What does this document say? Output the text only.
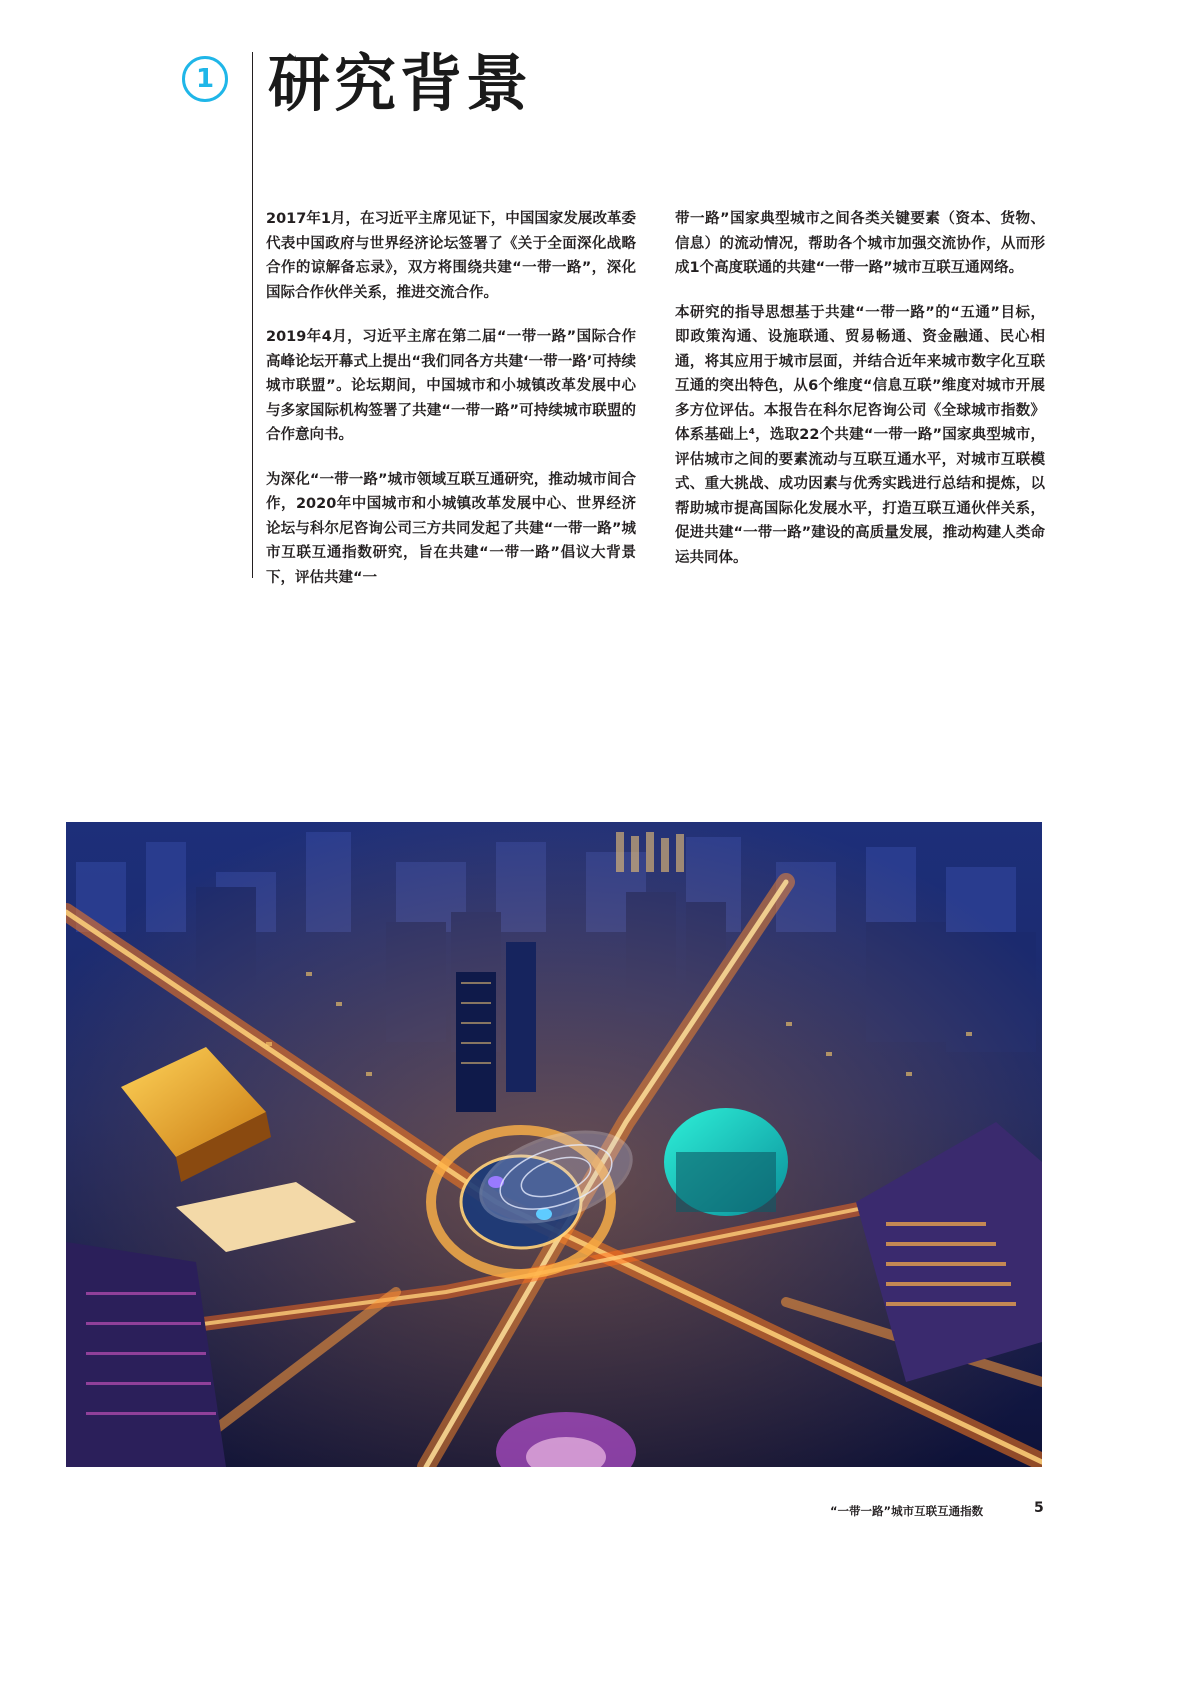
1 研究背景

2017年1月，在习近平主席见证下，中国国家发展改革委代表中国政府与世界经济论坛签署了《关于全面深化战略合作的谅解备忘录》，双方将围绕共建“一带一路”，深化国际合作伙伴关系，推进交流合作。

2019年4月，习近平主席在第二届“一带一路”国际合作高峰论坛开幕式上提出“我们同各方共建‘一带一路’可持续城市联盟”。论坛期间，中国城市和小城镇改革发展中心与多家国际机构签署了共建“一带一路”可持续城市联盟的合作意向书。

为深化“一带一路”城市领域互联互通研究，推动城市间合作，2020年中国城市和小城镇改革发展中心、世界经济论坛与科尔尼咨询公司三方共同发起了共建“一带一路”城市互联互通指数研究，旨在共建“一带一路”倡议大背景下，评估共建“一

带一路”国家典型城市之间各类关键要素（资本、货物、信息）的流动情况，帮助各个城市加强交流协作，从而形成1个高度联通的共建“一带一路”城市互联互通网络。

本研究的指导思想基于共建“一带一路”的“五通”目标，即政策沟通、设施联通、贸易畅通、资金融通、民心相通，将其应用于城市层面，并结合近年来城市数字化互联互通的突出特色，从6个维度“信息互联”维度对城市开展多方位评估。本报告在科尔尼咨询公司《全球城市指数》体系基础上⁴，选取22个共建“一带一路”国家典型城市，评估城市之间的要素流动与互联互通水平，对城市互联模式、重大挑战、成功因素与优秀实践进行总结和提炼，以帮助城市提高国际化发展水平，打造互联互通伙伴关系，促进共建“一带一路”建设的高质量发展，推动构建人类命运共同体。

“一带一路”城市互联互通指数	5
